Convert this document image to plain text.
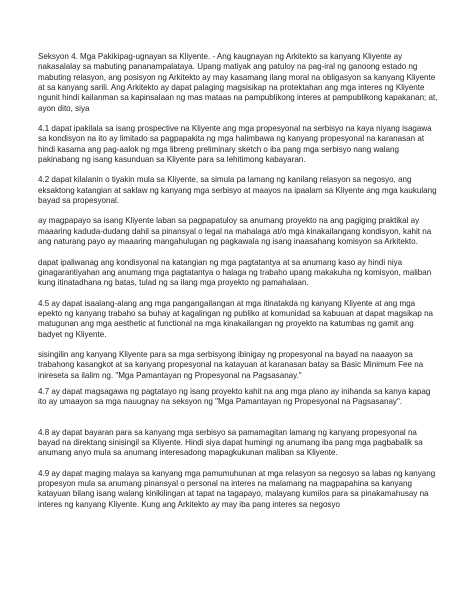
Seksyon 4. Mga Pakikipag-ugnayan sa Kliyente. - Ang kaugnayan ng Arkitekto sa kanyang Kliyente ay nakasalalay sa mabuting pananampalataya. Upang matiyak ang patuloy na pag-iral ng ganoong estado ng mabuting relasyon, ang posisyon ng Arkitekto ay may kasamang ilang moral na obligasyon sa kanyang Kliyente at sa kanyang sarili. Ang Arkitekto ay dapat palaging magsisikap na protektahan ang mga interes ng Kliyente ngunit hindi kailanman sa kapinsalaan ng mas mataas na pampublikong interes at pampublikong kapakanan; at, ayon dito, siya

4.1 dapat ipakilala sa isang prospective na Kliyente ang mga propesyonal na serbisyo na kaya niyang isagawa sa kondisyon na ito ay limitado sa pagpapakita ng mga halimbawa ng kanyang propesyonal na karanasan at hindi kasama ang pag-aalok ng mga libreng preliminary sketch o iba pang mga serbisyo nang walang pakinabang ng isang kasunduan sa Kliyente para sa lehitimong kabayaran.

4.2 dapat kilalanin o tiyakin mula sa Kliyente, sa simula pa lamang ng kanilang relasyon sa negosyo, ang eksaktong katangian at saklaw ng kanyang mga serbisyo at maayos na ipaalam sa Kliyente ang mga kaukulang bayad sa propesyonal.

ay magpapayo sa isang Kliyente laban sa pagpapatuloy sa anumang proyekto na ang pagiging praktikal ay maaaring kaduda-dudang dahil sa pinansyal o legal na mahalaga at/o mga kinakailangang kondisyon, kahit na ang naturang payo ay maaaring mangahulugan ng pagkawala ng isang inaasahang komisyon sa Arkitekto.

dapat ipaliwanag ang kondisyonal na katangian ng mga pagtatantya at sa anumang kaso ay hindi niya ginagarantiyahan ang anumang mga pagtatantya o halaga ng trabaho upang makakuha ng komisyon, maliban kung itinatadhana ng batas, tulad ng sa ilang mga proyekto ng pamahalaan.

4.5 ay dapat isaalang-alang ang mga pangangailangan at mga itinatakda ng kanyang Kliyente at ang mga epekto ng kanyang trabaho sa buhay at kagalingan ng publiko at komunidad sa kabuuan at dapat magsikap na matugunan ang mga aesthetic at functional na mga kinakailangan ng proyekto na katumbas ng gamit ang badyet ng Kliyente.

sisingilin ang kanyang Kliyente para sa mga serbisyong ibinigay ng propesyonal na bayad na naaayon sa trabahong kasangkot at sa kanyang propesyonal na katayuan at karanasan batay sa Basic Minimum Fee na inireseta sa ilalim ng. "Mga Pamantayan ng Propesyonal na Pagsasanay."

4.7 ay dapat magsagawa ng pagtatayo ng isang proyekto kahit na ang mga plano ay inihanda sa kanya kapag ito ay umaayon sa mga nauugnay na seksyon ng "Mga Pamantayan ng Propesyonal na Pagsasanay".

4.8 ay dapat bayaran para sa kanyang mga serbisyo sa pamamagitan lamang ng kanyang propesyonal na bayad na direktang sinisingil sa Kliyente. Hindi siya dapat humingi ng anumang iba pang mga pagbabalik sa anumang anyo mula sa anumang interesadong mapagkukunan maliban sa Kliyente.

4.9 ay dapat maging malaya sa kanyang mga pamumuhunan at mga relasyon sa negosyo sa labas ng kanyang propesyon mula sa anumang pinansyal o personal na interes na malamang na magpapahina sa kanyang katayuan bilang isang walang kinikilingan at tapat na tagapayo, malayang kumilos para sa pinakamahusay na interes ng kanyang Kliyente. Kung ang Arkitekto ay may iba pang interes sa negosyo
